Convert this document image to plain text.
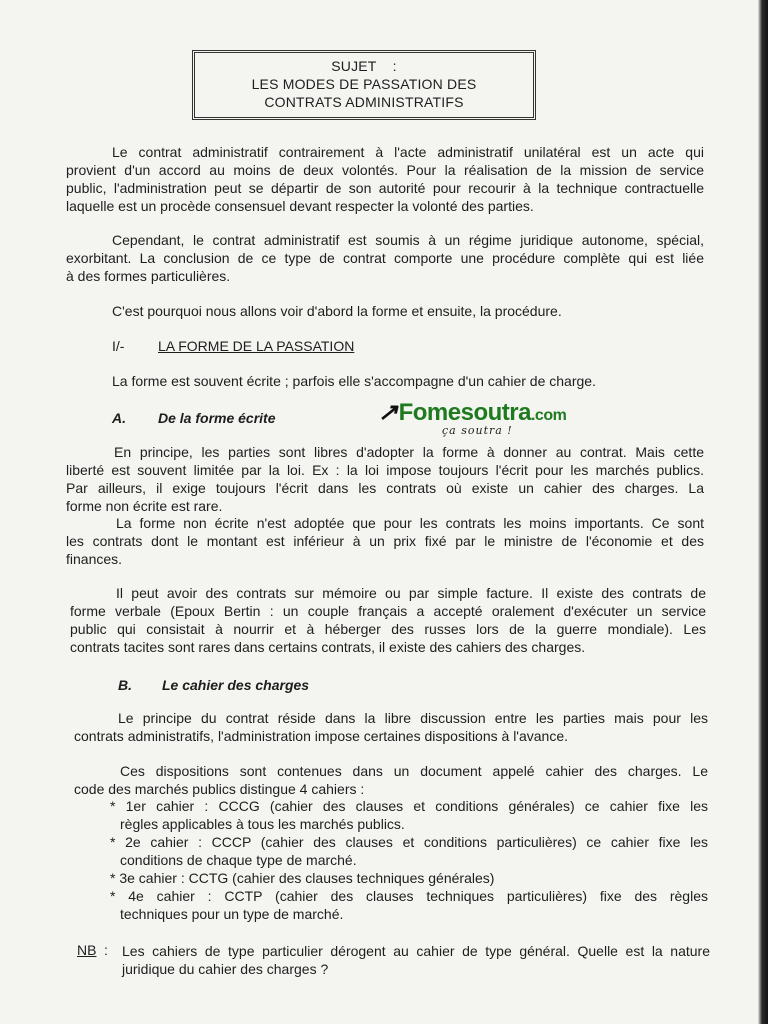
SUJET    :
LES MODES DE PASSATION DES
CONTRATS ADMINISTRATIFS
Le contrat administratif contrairement à l'acte administratif unilatéral est un acte qui
provient d'un accord au moins de deux volontés. Pour la réalisation de la mission de service
public, l'administration peut se départir de son autorité pour recourir à la technique contractuelle
laquelle est un procède consensuel devant respecter la volonté des parties.
Cependant, le contrat administratif est soumis à un régime juridique autonome, spécial,
exorbitant. La conclusion de ce type de contrat comporte une procédure complète qui est liée
à des formes particulières.
C'est pourquoi nous allons voir d'abord la forme et ensuite, la procédure.
I/- LA FORME DE LA PASSATION
La forme est souvent écrite ; parfois elle s'accompagne d'un cahier de charge.
A. De la forme écrite	↗Fomesoutra.com
ça soutra !
En principe, les parties sont libres d'adopter la forme à donner au contrat. Mais cette
liberté est souvent limitée par la loi. Ex : la loi impose toujours l'écrit pour les marchés publics.
Par ailleurs, il exige toujours l'écrit dans les contrats où existe un cahier des charges. La
forme non écrite est rare.
La forme non écrite n'est adoptée que pour les contrats les moins importants. Ce sont
les contrats dont le montant est inférieur à un prix fixé par le ministre de l'économie et des
finances.
Il peut avoir des contrats sur mémoire ou par simple facture. Il existe des contrats de
forme verbale (Epoux Bertin : un couple français a accepté oralement d'exécuter un service
public qui consistait à nourrir et à héberger des russes lors de la guerre mondiale). Les
contrats tacites sont rares dans certains contrats, il existe des cahiers des charges.
B. Le cahier des charges
Le principe du contrat réside dans la libre discussion entre les parties mais pour les
contrats administratifs, l'administration impose certaines dispositions à l'avance.
Ces dispositions sont contenues dans un document appelé cahier des charges. Le
code des marchés publics distingue 4 cahiers :
* 1er cahier : CCCG (cahier des clauses et conditions générales) ce cahier fixe les
règles applicables à tous les marchés publics.
* 2e cahier : CCCP (cahier des clauses et conditions particulières) ce cahier fixe les
conditions de chaque type de marché.
* 3e cahier : CCTG (cahier des clauses techniques générales)
* 4e cahier : CCTP (cahier des clauses techniques particulières) fixe des règles
techniques pour un type de marché.
NB : Les cahiers de type particulier dérogent au cahier de type général. Quelle est la nature
juridique du cahier des charges ?
